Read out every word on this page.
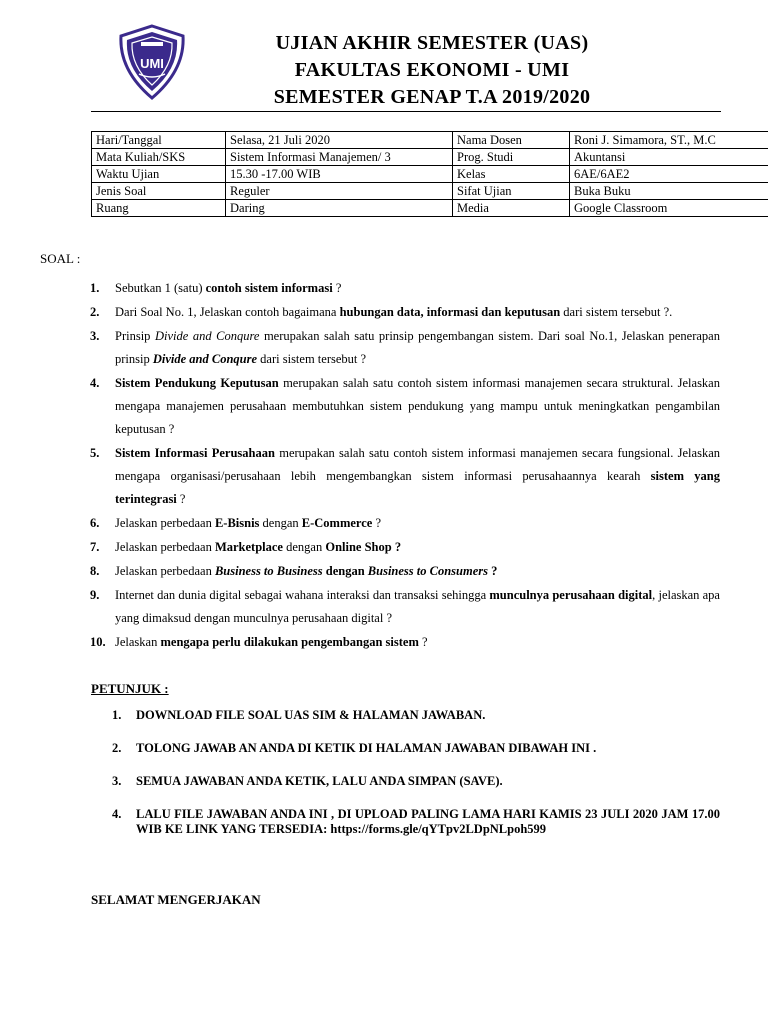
UMI
UJIAN AKHIR SEMESTER (UAS)
FAKULTAS EKONOMI - UMI
SEMESTER GENAP T.A 2019/2020
Hari/Tanggal	Selasa, 21 Juli 2020	Nama Dosen	Roni J. Simamora, ST., M.C
Mata Kuliah/SKS	Sistem Informasi Manajemen/ 3	Prog. Studi	Akuntansi
Waktu Ujian	15.30 -17.00 WIB	Kelas	6AE/6AE2
Jenis Soal	Reguler	Sifat Ujian	Buka Buku
Ruang	Daring	Media	Google Classroom
SOAL :
1. Sebutkan 1 (satu) contoh sistem informasi ?
2. Dari Soal No. 1, Jelaskan contoh bagaimana hubungan data, informasi dan keputusan dari sistem tersebut ?.
3. Prinsip Divide and Conqure merupakan salah satu prinsip pengembangan sistem. Dari soal No.1, Jelaskan penerapan prinsip Divide and Conqure dari sistem tersebut ?
4. Sistem Pendukung Keputusan merupakan salah satu contoh sistem informasi manajemen secara struktural. Jelaskan mengapa manajemen perusahaan membutuhkan sistem pendukung yang mampu untuk meningkatkan pengambilan keputusan ?
5. Sistem Informasi Perusahaan merupakan salah satu contoh sistem informasi manajemen secara fungsional. Jelaskan mengapa organisasi/perusahaan lebih mengembangkan sistem informasi perusahaannya kearah sistem yang terintegrasi ?
6. Jelaskan perbedaan E-Bisnis dengan E-Commerce ?
7. Jelaskan perbedaan Marketplace dengan Online Shop ?
8. Jelaskan perbedaan Business to Business dengan Business to Consumers ?
9. Internet dan dunia digital sebagai wahana interaksi dan transaksi sehingga munculnya perusahaan digital, jelaskan apa yang dimaksud dengan munculnya perusahaan digital ?
10. Jelaskan mengapa perlu dilakukan pengembangan sistem ?
PETUNJUK :
1. DOWNLOAD FILE SOAL UAS SIM & HALAMAN JAWABAN.
2. TOLONG JAWAB AN ANDA DI KETIK DI HALAMAN JAWABAN DIBAWAH INI .
3. SEMUA JAWABAN ANDA KETIK, LALU ANDA SIMPAN (SAVE).
4. LALU FILE JAWABAN ANDA INI , DI UPLOAD PALING LAMA HARI KAMIS 23 JULI 2020 JAM 17.00 WIB KE LINK YANG TERSEDIA: https://forms.gle/qYTpv2LDpNLpoh599
SELAMAT MENGERJAKAN
